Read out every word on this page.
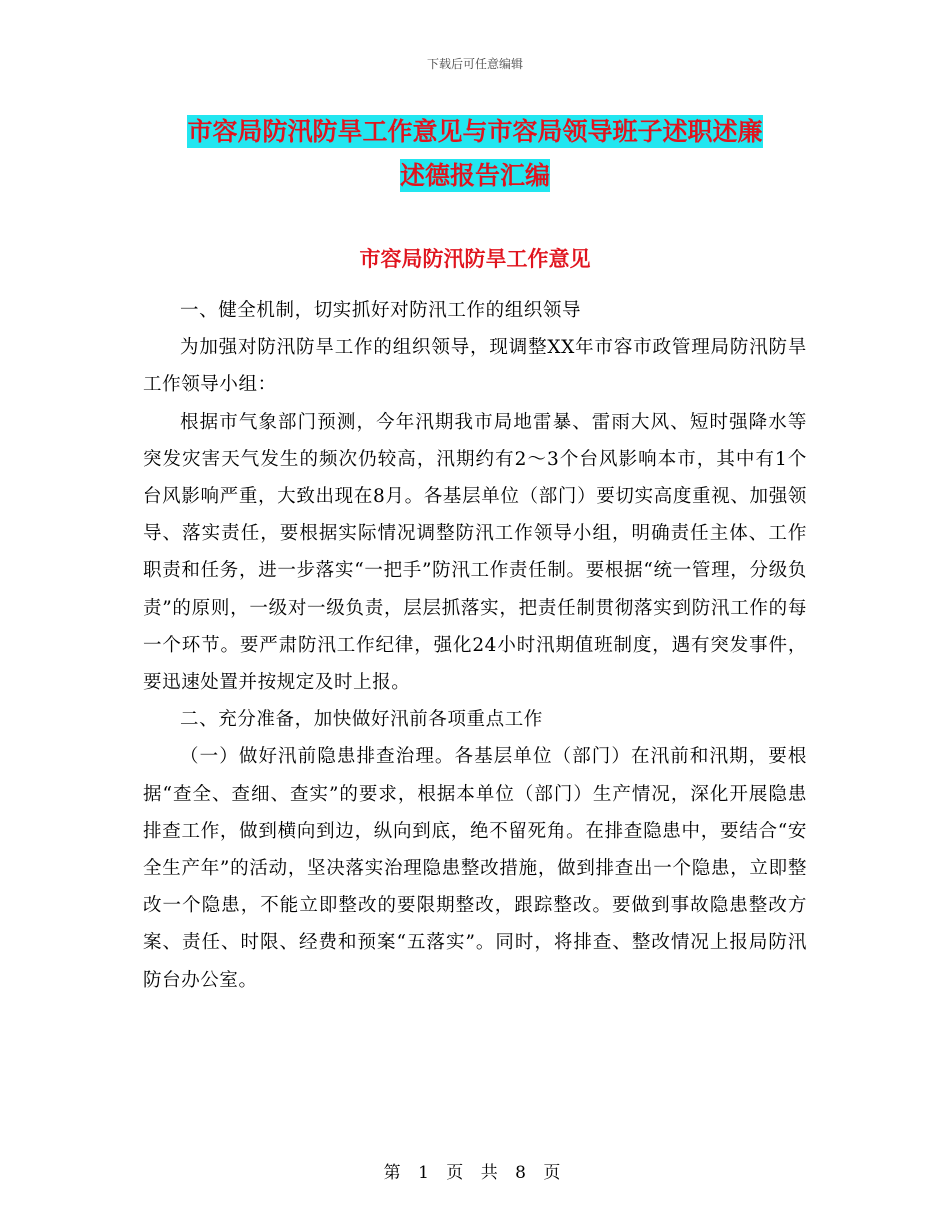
下载后可任意编辑
市容局防汛防旱工作意见与市容局领导班子述职述廉
述德报告汇编
市容局防汛防旱工作意见

一、健全机制，切实抓好对防汛工作的组织领导

为加强对防汛防旱工作的组织领导，现调整XX年市容市政管理局防汛防旱工作领导小组：

根据市气象部门预测，今年汛期我市局地雷暴、雷雨大风、短时强降水等突发灾害天气发生的频次仍较高，汛期约有2～3个台风影响本市，其中有1个台风影响严重，大致出现在8月。各基层单位（部门）要切实高度重视、加强领导、落实责任，要根据实际情况调整防汛工作领导小组，明确责任主体、工作职责和任务，进一步落实“一把手”防汛工作责任制。要根据“统一管理，分级负责”的原则，一级对一级负责，层层抓落实，把责任制贯彻落实到防汛工作的每一个环节。要严肃防汛工作纪律，强化24小时汛期值班制度，遇有突发事件，要迅速处置并按规定及时上报。

二、充分准备，加快做好汛前各项重点工作

（一）做好汛前隐患排查治理。各基层单位（部门）在汛前和汛期，要根据“查全、查细、查实”的要求，根据本单位（部门）生产情况，深化开展隐患排查工作，做到横向到边，纵向到底，绝不留死角。在排查隐患中，要结合“安全生产年”的活动，坚决落实治理隐患整改措施，做到排查出一个隐患，立即整改一个隐患，不能立即整改的要限期整改，跟踪整改。要做到事故隐患整改方案、责任、时限、经费和预案“五落实”。同时，将排查、整改情况上报局防汛防台办公室。

第 1 页 共 8 页
